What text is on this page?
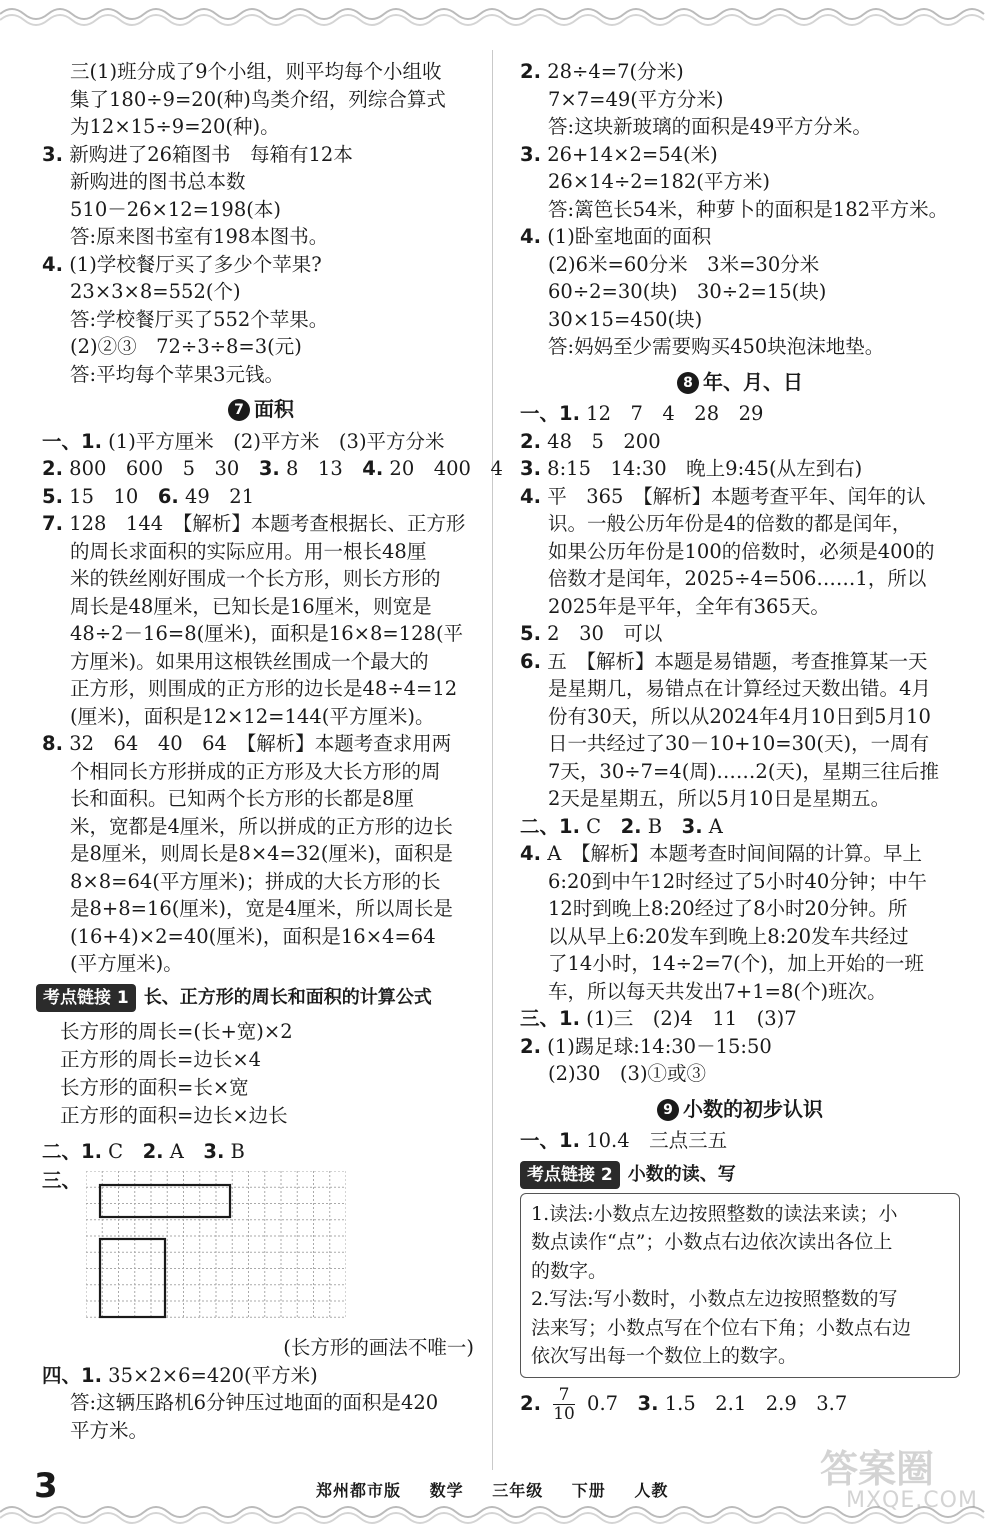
三(1)班分成了9个小组，则平均每个小组收
集了180÷9=20(种)鸟类介绍，列综合算式
为12×15÷9=20(种)。
3. 新购进了26箱图书　每箱有12本
新购进的图书总本数
510－26×12=198(本)
答:原来图书室有198本图书。
4. (1)学校餐厅买了多少个苹果?
23×3×8=552(个)
答:学校餐厅买了552个苹果。
(2)②③　72÷3÷8=3(元)
答:平均每个苹果3元钱。
7 面积
一、1. (1)平方厘米　(2)平方米　(3)平方分米
2. 800　600　5　30　3. 8　13　4. 20　400　4
5. 15　10　6. 49　21
7. 128　144　【解析】本题考查根据长、正方形
的周长求面积的实际应用。用一根长48厘
米的铁丝刚好围成一个长方形，则长方形的
周长是48厘米，已知长是16厘米，则宽是
48÷2－16=8(厘米)，面积是16×8=128(平
方厘米)。如果用这根铁丝围成一个最大的
正方形，则围成的正方形的边长是48÷4=12
(厘米)，面积是12×12=144(平方厘米)。
8. 32　64　40　64　【解析】本题考查求用两
个相同长方形拼成的正方形及大长方形的周
长和面积。已知两个长方形的长都是8厘
米，宽都是4厘米，所以拼成的正方形的边长
是8厘米，则周长是8×4=32(厘米)，面积是
8×8=64(平方厘米)；拼成的大长方形的长
是8+8=16(厘米)，宽是4厘米，所以周长是
(16+4)×2=40(厘米)，面积是16×4=64
(平方厘米)。
考点链接 1 长、正方形的周长和面积的计算公式
长方形的周长=(长+宽)×2
正方形的周长=边长×4
长方形的面积=长×宽
正方形的面积=边长×边长
二、1. C　2. A　3. B
三、
(长方形的画法不唯一)
四、1. 35×2×6=420(平方米)
答:这辆压路机6分钟压过地面的面积是420
平方米。
2. 28÷4=7(分米)
7×7=49(平方分米)
答:这块新玻璃的面积是49平方分米。
3. 26+14×2=54(米)
26×14÷2=182(平方米)
答:篱笆长54米，种萝卜的面积是182平方米。
4. (1)卧室地面的面积
(2)6米=60分米　3米=30分米
60÷2=30(块)　30÷2=15(块)
30×15=450(块)
答:妈妈至少需要购买450块泡沫地垫。
8 年、月、日
一、1. 12　7　4　28　29
2. 48　5　200
3. 8:15　14:30　晚上9:45(从左到右)
4. 平　365　【解析】本题考查平年、闰年的认
识。一般公历年份是4的倍数的都是闰年，
如果公历年份是100的倍数时，必须是400的
倍数才是闰年，2025÷4=506……1，所以
2025年是平年，全年有365天。
5. 2　30　可以
6. 五　【解析】本题是易错题，考查推算某一天
是星期几，易错点在计算经过天数出错。4月
份有30天，所以从2024年4月10日到5月10
日一共经过了30－10+10=30(天)，一周有
7天，30÷7=4(周)……2(天)，星期三往后推
2天是星期五，所以5月10日是星期五。
二、1. C　2. B　3. A
4. A　【解析】本题考查时间间隔的计算。早上
6:20到中午12时经过了5小时40分钟；中午
12时到晚上8:20经过了8小时20分钟。所
以从早上6:20发车到晚上8:20发车共经过
了14小时，14÷2=7(个)，加上开始的一班
车，所以每天共发出7+1=8(个)班次。
三、1. (1)三　(2)4　11　(3)7
2. (1)踢足球:14:30－15:50
(2)30　(3)①或③
9 小数的初步认识
一、1. 10.4　三点三五
考点链接 2 小数的读、写
1.读法:小数点左边按照整数的读法来读；小
数点读作“点”；小数点右边依次读出各位上
的数字。
2.写法:写小数时，小数点左边按照整数的写
法来写；小数点写在个位右下角；小数点右边
依次写出每一个数位上的数字。
2. $\frac{7}{10} 0.7$　3. 1.5　2.1　2.9　3.7
3	郑州都市版 数学 三年级 下册 人教	答案圈
MXQE.COM
